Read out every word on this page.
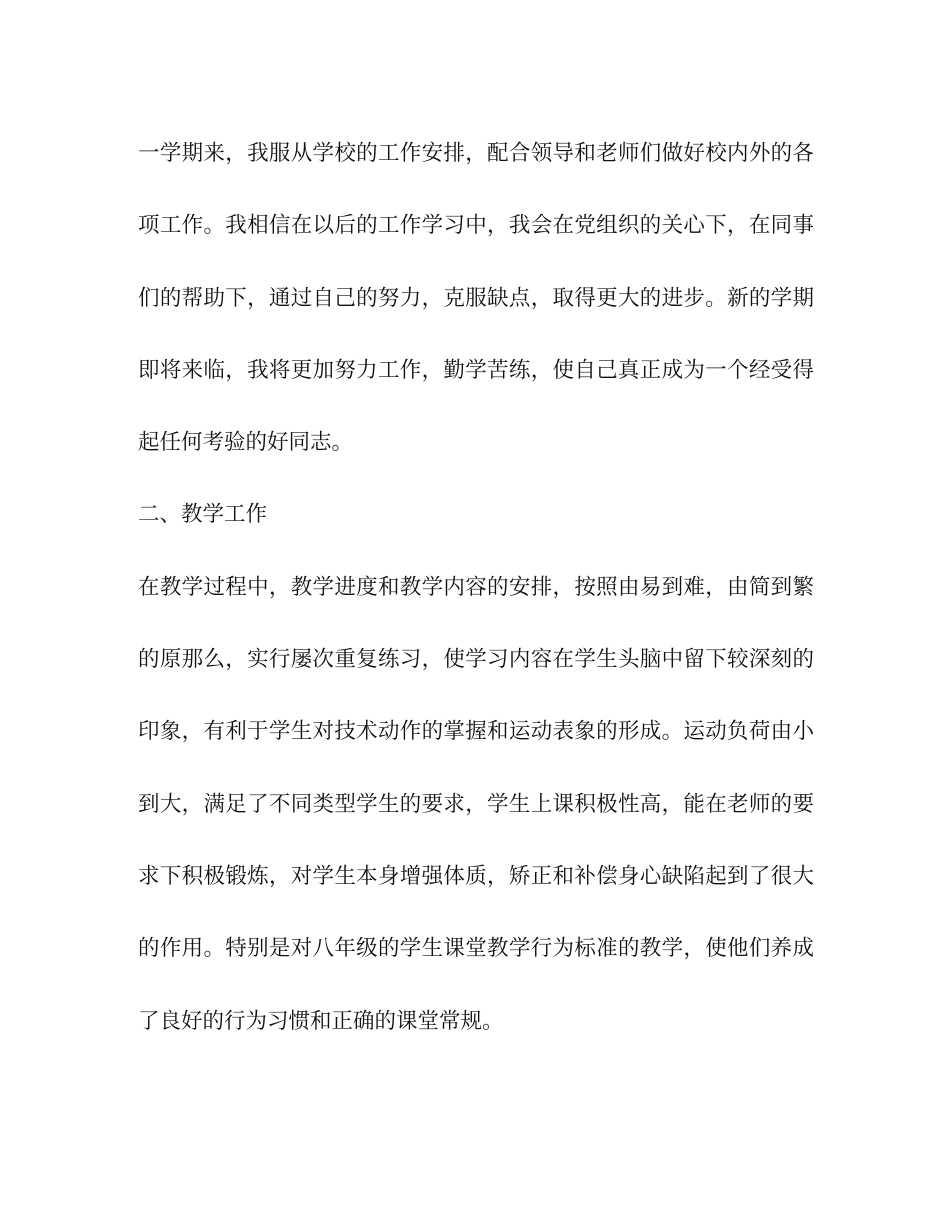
一学期来，我服从学校的工作安排，配合领导和老师们做好校内外的各
项工作。我相信在以后的工作学习中，我会在党组织的关心下，在同事
们的帮助下，通过自己的努力，克服缺点，取得更大的进步。新的学期
即将来临，我将更加努力工作，勤学苦练，使自己真正成为一个经受得
起任何考验的好同志。
二、教学工作
在教学过程中，教学进度和教学内容的安排，按照由易到难，由简到繁
的原那么，实行屡次重复练习，使学习内容在学生头脑中留下较深刻的
印象，有利于学生对技术动作的掌握和运动表象的形成。运动负荷由小
到大，满足了不同类型学生的要求，学生上课积极性高，能在老师的要
求下积极锻炼，对学生本身增强体质，矫正和补偿身心缺陷起到了很大
的作用。特别是对八年级的学生课堂教学行为标准的教学，使他们养成
了良好的行为习惯和正确的课堂常规。
